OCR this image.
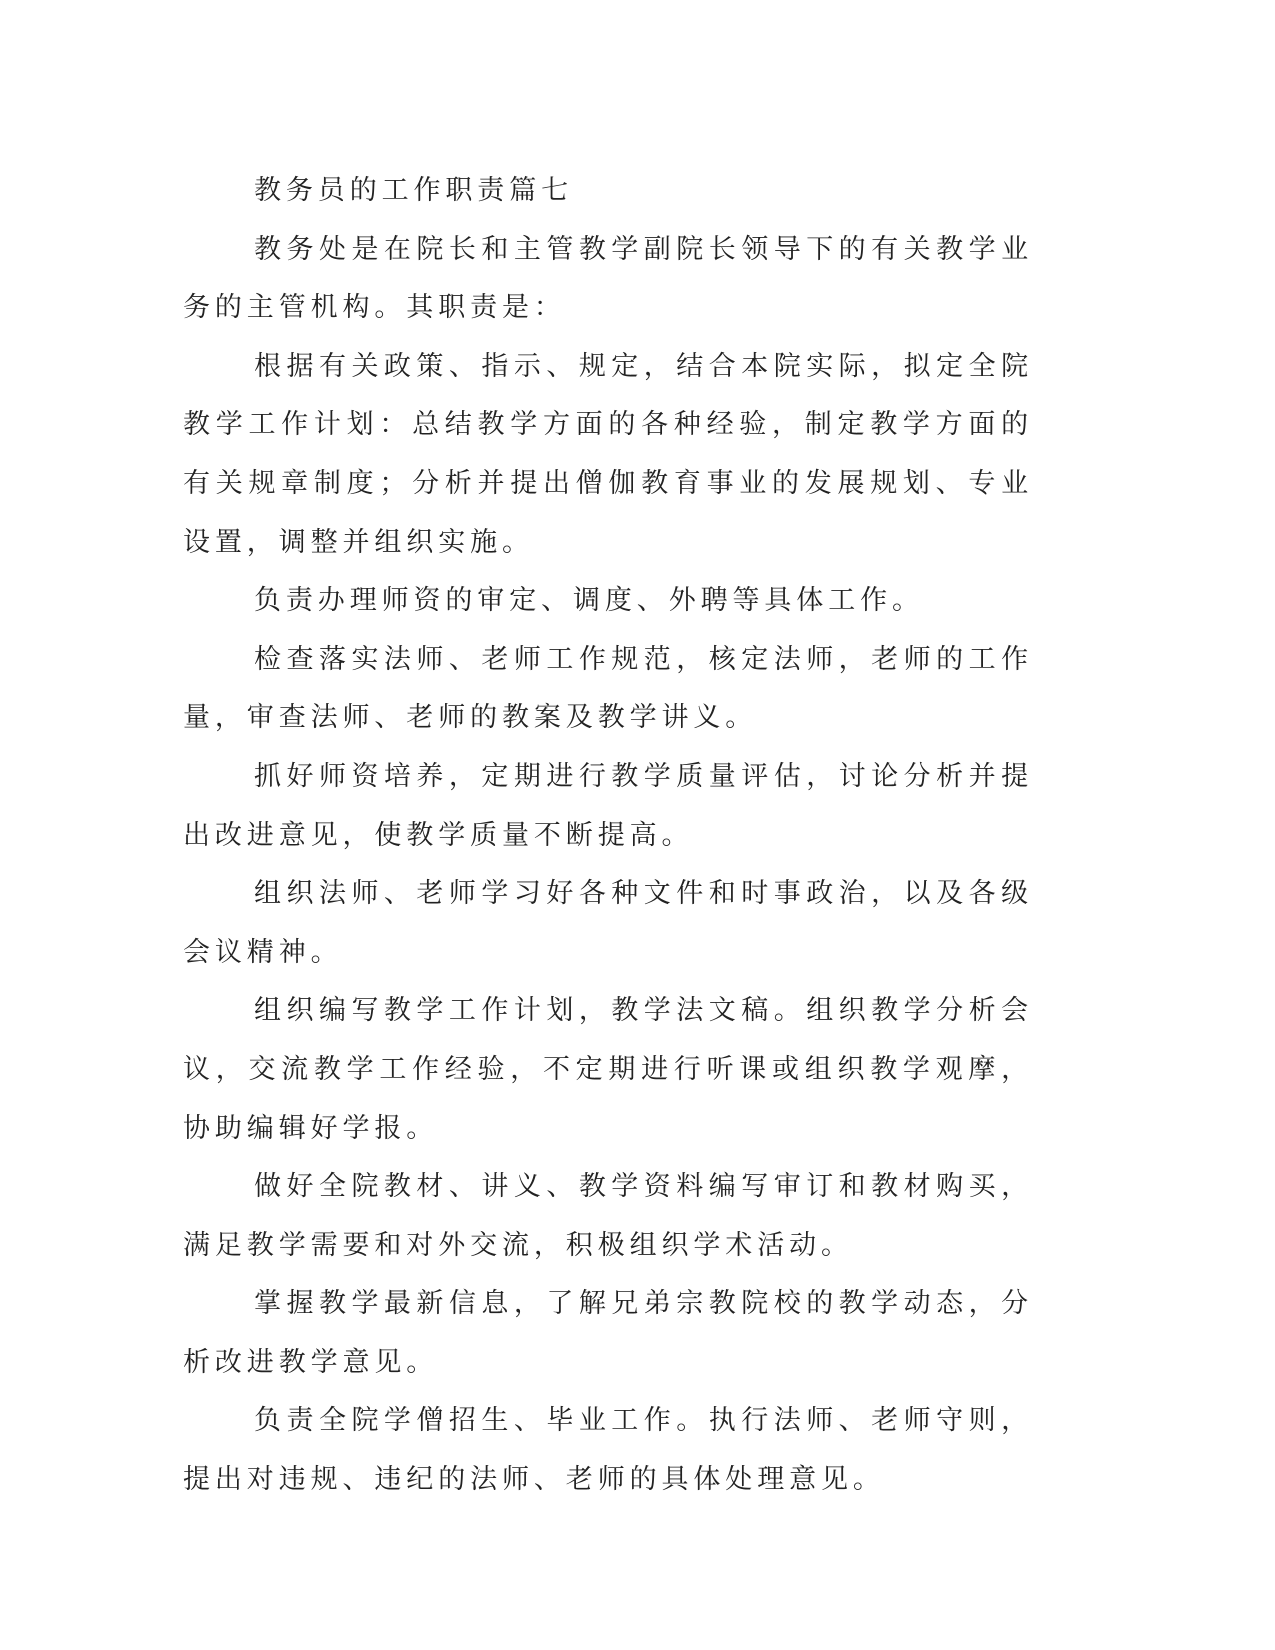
教务员的工作职责篇七

教务处是在院长和主管教学副院长领导下的有关教学业务的主管机构。其职责是：

根据有关政策、指示、规定，结合本院实际，拟定全院教学工作计划：总结教学方面的各种经验，制定教学方面的有关规章制度；分析并提出僧伽教育事业的发展规划、专业设置，调整并组织实施。

负责办理师资的审定、调度、外聘等具体工作。

检查落实法师、老师工作规范，核定法师，老师的工作量，审查法师、老师的教案及教学讲义。

抓好师资培养，定期进行教学质量评估，讨论分析并提出改进意见，使教学质量不断提高。

组织法师、老师学习好各种文件和时事政治，以及各级会议精神。

组织编写教学工作计划，教学法文稿。组织教学分析会议，交流教学工作经验，不定期进行听课或组织教学观摩，协助编辑好学报。

做好全院教材、讲义、教学资料编写审订和教材购买，满足教学需要和对外交流，积极组织学术活动。

掌握教学最新信息，了解兄弟宗教院校的教学动态，分析改进教学意见。

负责全院学僧招生、毕业工作。执行法师、老师守则，提出对违规、违纪的法师、老师的具体处理意见。
